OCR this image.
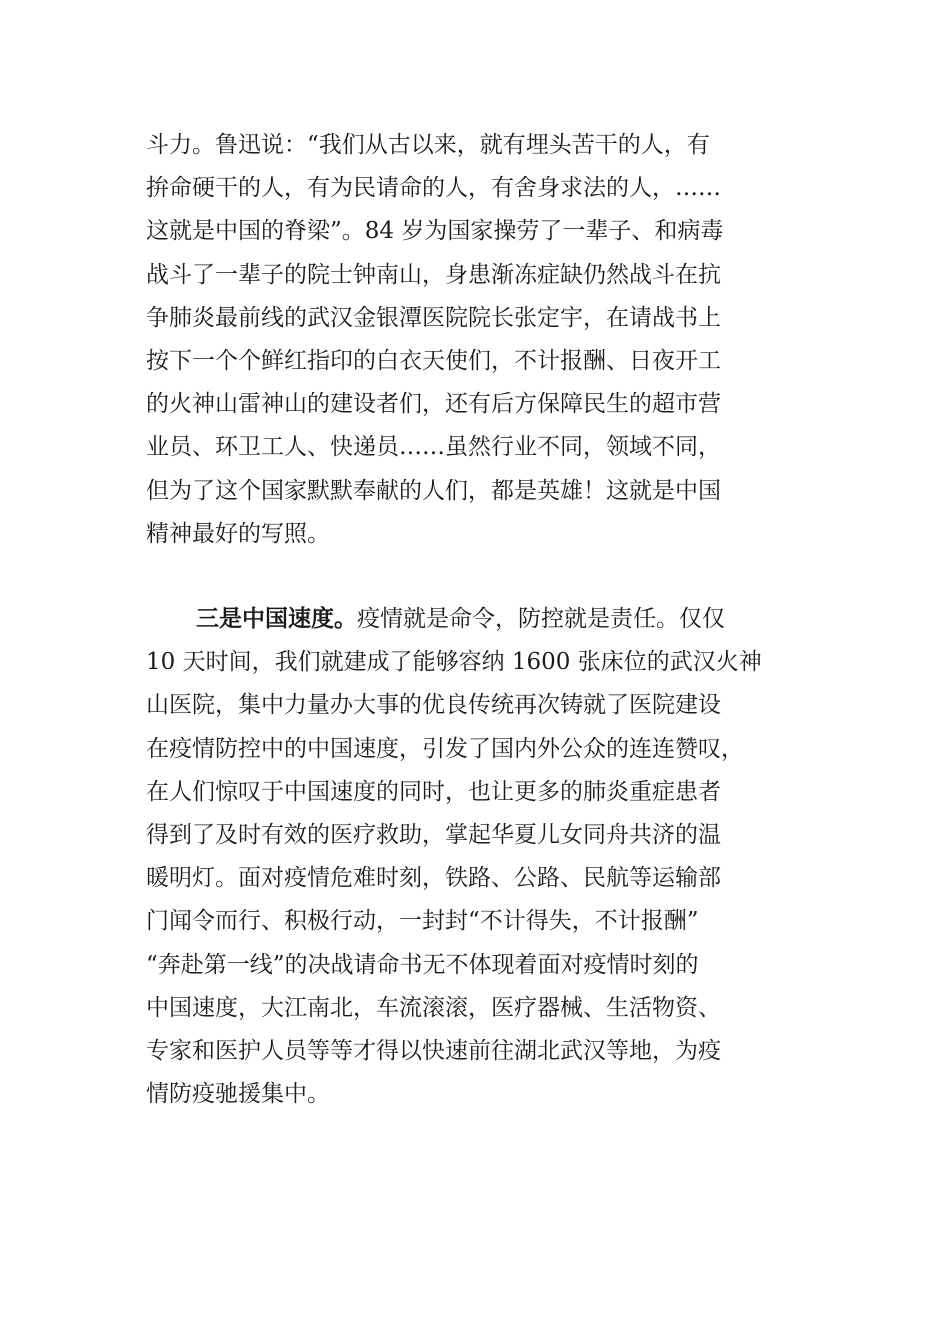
斗力。鲁迅说：“我们从古以来，就有埋头苦干的人，有
拚命硬干的人，有为民请命的人，有舍身求法的人，……
这就是中国的脊梁”。84 岁为国家操劳了一辈子、和病毒
战斗了一辈子的院士钟南山，身患渐冻症缺仍然战斗在抗
争肺炎最前线的武汉金银潭医院院长张定宇，在请战书上
按下一个个鲜红指印的白衣天使们，不计报酬、日夜开工
的火神山雷神山的建设者们，还有后方保障民生的超市营
业员、环卫工人、快递员……虽然行业不同，领域不同，
但为了这个国家默默奉献的人们，都是英雄！这就是中国
精神最好的写照。
三是中国速度。疫情就是命令，防控就是责任。仅仅
10 天时间，我们就建成了能够容纳 1600 张床位的武汉火神
山医院，集中力量办大事的优良传统再次铸就了医院建设
在疫情防控中的中国速度，引发了国内外公众的连连赞叹，
在人们惊叹于中国速度的同时，也让更多的肺炎重症患者
得到了及时有效的医疗救助，掌起华夏儿女同舟共济的温
暖明灯。面对疫情危难时刻，铁路、公路、民航等运输部
门闻令而行、积极行动，一封封“不计得失，不计报酬”
“奔赴第一线”的决战请命书无不体现着面对疫情时刻的
中国速度，大江南北，车流滚滚，医疗器械、生活物资、
专家和医护人员等等才得以快速前往湖北武汉等地，为疫
情防疫驰援集中。
